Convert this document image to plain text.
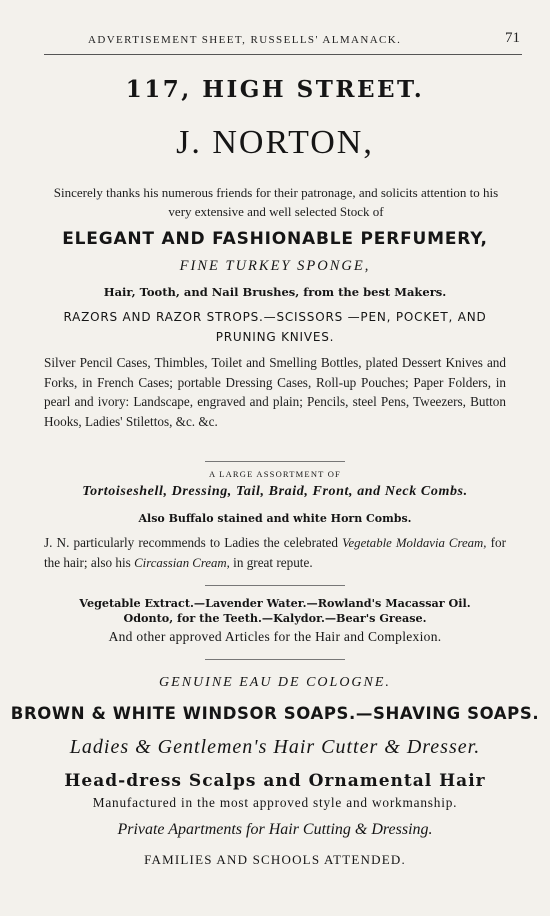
ADVERTISEMENT SHEET, RUSSELLS' ALMANACK.	71
117, HIGH STREET.
J. NORTON,
Sincerely thanks his numerous friends for their patronage, and solicits attention to his very extensive and well selected Stock of
ELEGANT AND FASHIONABLE PERFUMERY,
FINE TURKEY SPONGE,
Hair, Tooth, and Nail Brushes, from the best Makers.
RAZORS AND RAZOR STROPS.—SCISSORS —PEN, POCKET, AND PRUNING KNIVES.
Silver Pencil Cases, Thimbles, Toilet and Smelling Bottles, plated Dessert Knives and Forks, in French Cases; portable Dressing Cases, Roll-up Pouches; Paper Folders, in pearl and ivory: Landscape, engraved and plain; Pencils, steel Pens, Tweezers, Button Hooks, Ladies' Stilettos, &c. &c.
A LARGE ASSORTMENT OF
Tortoiseshell, Dressing, Tail, Braid, Front, and Neck Combs.
Also Buffalo stained and white Horn Combs.
J. N. particularly recommends to Ladies the celebrated Vegetable Moldavia Cream, for the hair; also his Circassian Cream, in great repute.
Vegetable Extract.—Lavender Water.—Rowland's Macassar Oil.
Odonto, for the Teeth.—Kalydor.—Bear's Grease.
And other approved Articles for the Hair and Complexion.
GENUINE EAU DE COLOGNE.
BROWN & WHITE WINDSOR SOAPS.—SHAVING SOAPS.
Ladies & Gentlemen's Hair Cutter & Dresser.
Head-dress Scalps and Ornamental Hair
Manufactured in the most approved style and workmanship.
Private Apartments for Hair Cutting & Dressing.
FAMILIES AND SCHOOLS ATTENDED.
